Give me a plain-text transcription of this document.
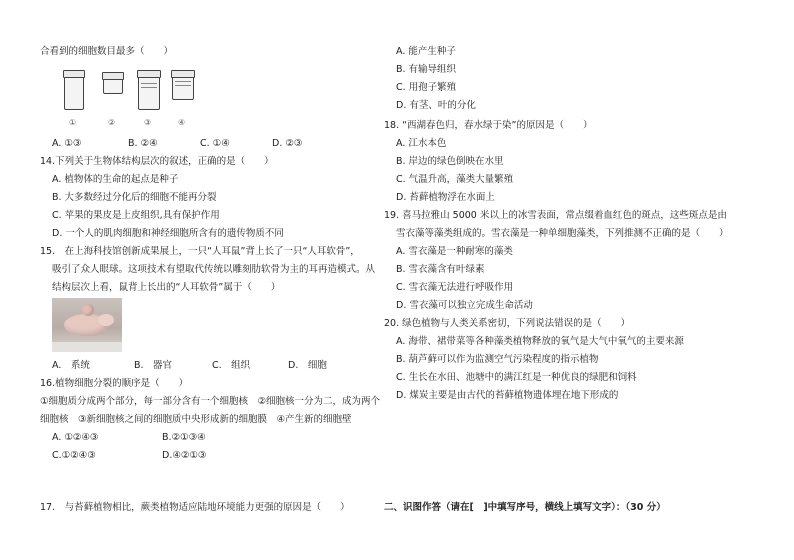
合看到的细胞数目最多（　　）
①	②	③	④
A. ①③	B. ②④	C. ①④	D. ②③
14.下列关于生物体结构层次的叙述，正确的是（　　）
A. 植物体的生命的起点是种子
B. 大多数经过分化后的细胞不能再分裂
C. 苹果的果皮是上皮组织,具有保护作用
D. 一个人的肌肉细胞和神经细胞所含有的遗传物质不同
15.　在上海科技馆创新成果展上，一只“人耳鼠”背上长了一只“人耳软骨”，
吸引了众人眼球。这项技术有望取代传统以雕刻肋软骨为主的耳再造模式。从
结构层次上看，鼠背上长出的“人耳软骨”属于（　　）
A.　系统	B.　器官	C.　组织	D.　细胞
16.植物细胞分裂的顺序是（　　）
①细胞质分成两个部分，每一部分含有一个细胞核　②细胞核一分为二，成为两个
细胞核　③新细胞核之间的细胞质中央形成新的细胞膜　④产生新的细胞壁
A. ①②④③	B.②①③④
C.①②④③	D.④②①③
17.　与苔藓植物相比，蕨类植物适应陆地环境能力更强的原因是（　　）
A. 能产生种子
B. 有输导组织
C. 用孢子繁殖
D. 有茎、叶的分化
18. “西湖春色归，春水绿于染”的原因是（　　）
A. 江水本色
B. 岸边的绿色倒映在水里
C. 气温升高，藻类大量繁殖
D. 苔藓植物浮在水面上
19. 喜马拉雅山 5000 米以上的冰雪表面，常点缀着血红色的斑点，这些斑点是由
雪衣藻等藻类组成的。雪衣藻是一种单细胞藻类，下列推测不正确的是（　　）
A. 雪衣藻是一种耐寒的藻类
B. 雪衣藻含有叶绿素
C. 雪衣藻无法进行呼吸作用
D. 雪衣藻可以独立完成生命活动
20. 绿色植物与人类关系密切，下列说法错误的是（　　）
A. 海带、裙带菜等各种藻类植物释放的氧气是大气中氧气的主要来源
B. 葫芦藓可以作为监测空气污染程度的指示植物
C. 生长在水田、池塘中的满江红是一种优良的绿肥和饲料
D. 煤炭主要是由古代的苔藓植物遗体埋在地下形成的
二、识图作答（请在[　]中填写序号，横线上填写文字）：（30 分）
